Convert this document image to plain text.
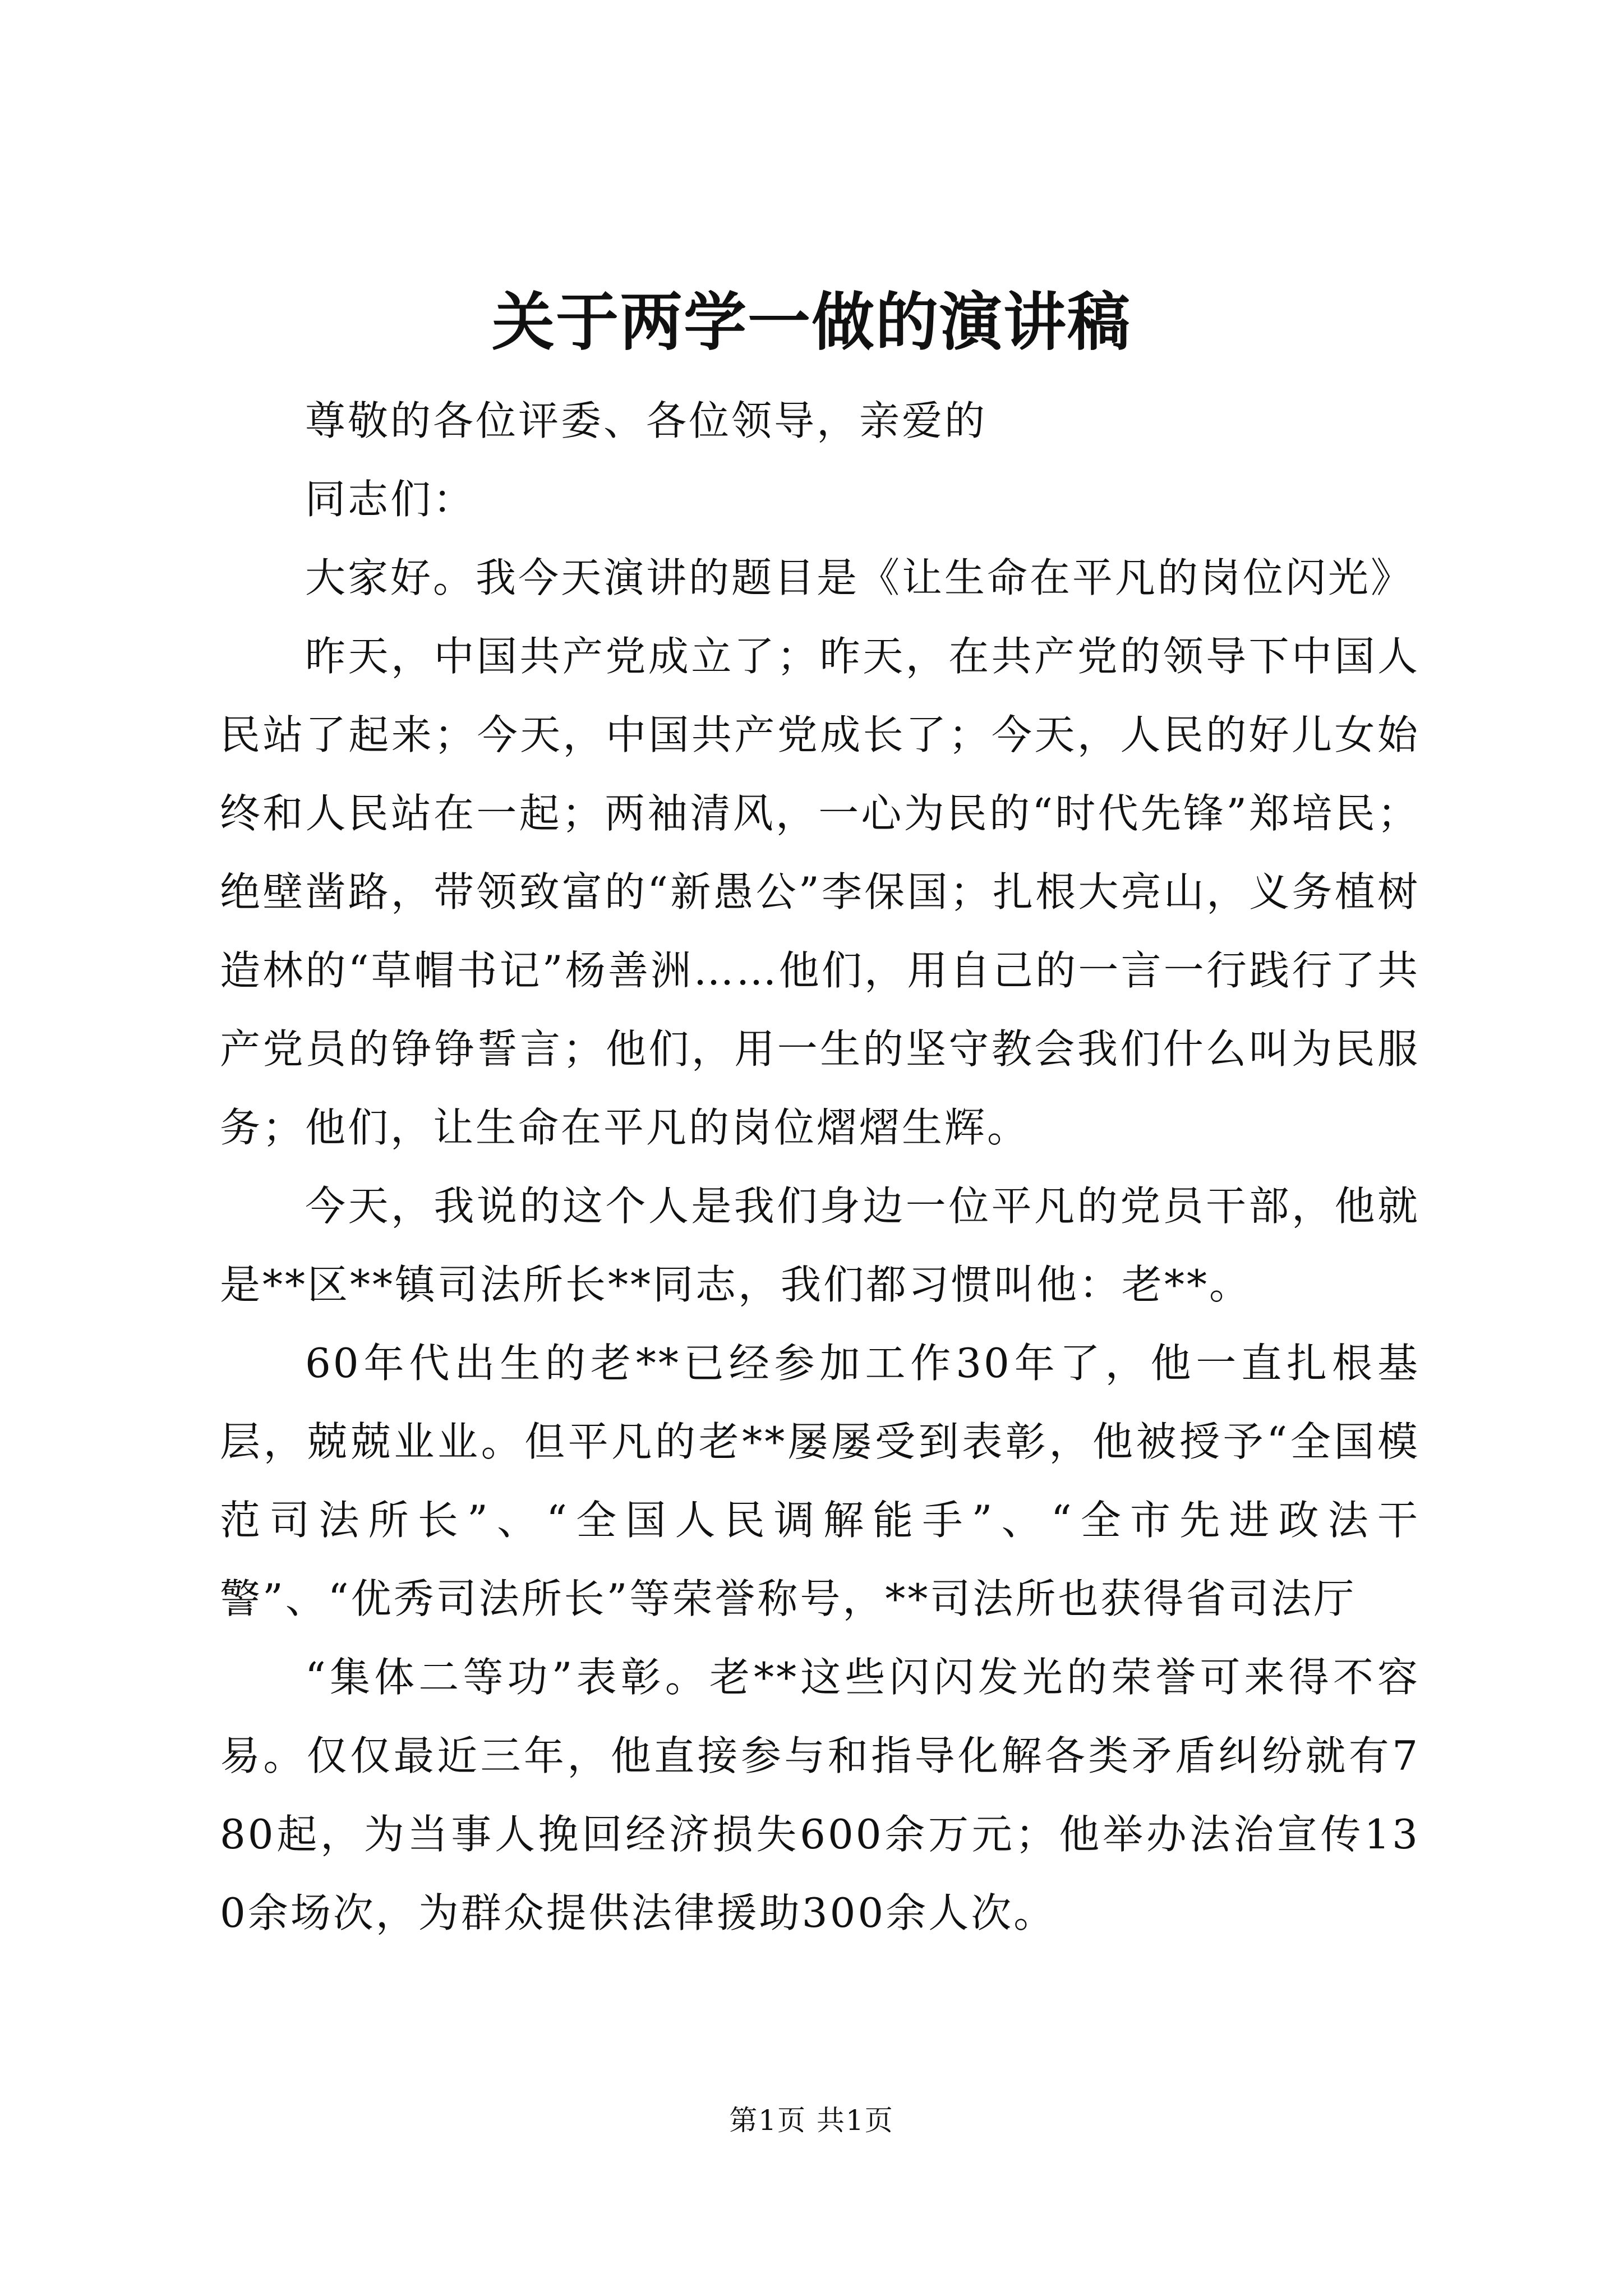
关于两学一做的演讲稿

尊敬的各位评委、各位领导，亲爱的

同志们：

大家好。我今天演讲的题目是《让生命在平凡的岗位闪光》

昨天，中国共产党成立了；昨天，在共产党的领导下中国人民站了起来；今天，中国共产党成长了；今天，人民的好儿女始终和人民站在一起；两袖清风，一心为民的“时代先锋”郑培民；绝壁凿路，带领致富的“新愚公”李保国；扎根大亮山，义务植树造林的“草帽书记”杨善洲……他们，用自己的一言一行践行了共产党员的铮铮誓言；他们，用一生的坚守教会我们什么叫为民服务；他们，让生命在平凡的岗位熠熠生辉。

今天，我说的这个人是我们身边一位平凡的党员干部，他就是**区**镇司法所长**同志，我们都习惯叫他：老**。

60年代出生的老**已经参加工作30年了，他一直扎根基层，兢兢业业。但平凡的老**屡屡受到表彰，他被授予“全国模范司法所长”、“全国人民调解能手”、“全市先进政法干警”、“优秀司法所长”等荣誉称号，**司法所也获得省司法厅

“集体二等功”表彰。老**这些闪闪发光的荣誉可来得不容易。仅仅最近三年，他直接参与和指导化解各类矛盾纠纷就有780起，为当事人挽回经济损失600余万元；他举办法治宣传130余场次，为群众提供法律援助300余人次。

第1页 共1页
